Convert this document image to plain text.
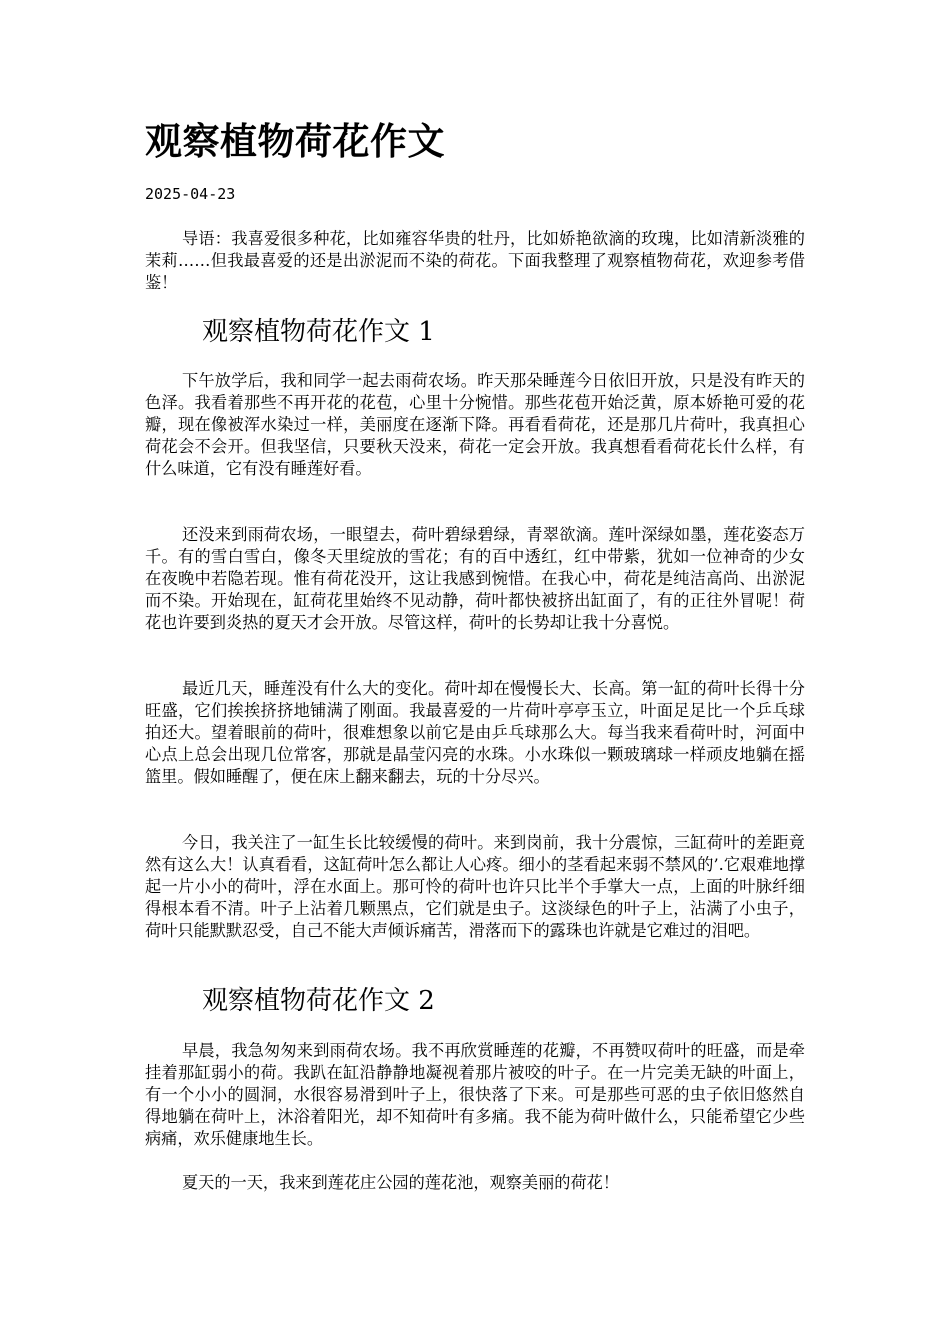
观察植物荷花作文
2025-04-23

导语：我喜爱很多种花，比如雍容华贵的牡丹，比如娇艳欲滴的玫瑰，比如清新淡雅的茉莉……但我最喜爱的还是出淤泥而不染的荷花。下面我整理了观察植物荷花，欢迎参考借鉴！

观察植物荷花作文 1

下午放学后，我和同学一起去雨荷农场。昨天那朵睡莲今日依旧开放，只是没有昨天的色泽。我看着那些不再开花的花苞，心里十分惋惜。那些花苞开始泛黄，原本娇艳可爱的花瓣，现在像被浑水染过一样，美丽度在逐渐下降。再看看荷花，还是那几片荷叶，我真担心荷花会不会开。但我坚信，只要秋天没来，荷花一定会开放。我真想看看荷花长什么样，有什么味道，它有没有睡莲好看。

还没来到雨荷农场，一眼望去，荷叶碧绿碧绿，青翠欲滴。莲叶深绿如墨，莲花姿态万千。有的雪白雪白，像冬天里绽放的雪花；有的百中透红，红中带紫，犹如一位神奇的少女在夜晚中若隐若现。惟有荷花没开，这让我感到惋惜。在我心中，荷花是纯洁高尚、出淤泥而不染。开始现在，缸荷花里始终不见动静，荷叶都快被挤出缸面了，有的正往外冒呢！荷花也许要到炎热的夏天才会开放。尽管这样，荷叶的长势却让我十分喜悦。

最近几天，睡莲没有什么大的变化。荷叶却在慢慢长大、长高。第一缸的荷叶长得十分旺盛，它们挨挨挤挤地铺满了刚面。我最喜爱的一片荷叶亭亭玉立，叶面足足比一个乒乓球拍还大。望着眼前的荷叶，很难想象以前它是由乒乓球那么大。每当我来看荷叶时，河面中心点上总会出现几位常客，那就是晶莹闪亮的水珠。小水珠似一颗玻璃球一样顽皮地躺在摇篮里。假如睡醒了，便在床上翻来翻去，玩的十分尽兴。

今日，我关注了一缸生长比较缓慢的荷叶。来到岗前，我十分震惊，三缸荷叶的差距竟然有这么大！认真看看，这缸荷叶怎么都让人心疼。细小的茎看起来弱不禁风的’.它艰难地撑起一片小小的荷叶，浮在水面上。那可怜的荷叶也许只比半个手掌大一点，上面的叶脉纤细得根本看不清。叶子上沾着几颗黑点，它们就是虫子。这淡绿色的叶子上，沾满了小虫子，荷叶只能默默忍受，自己不能大声倾诉痛苦，滑落而下的露珠也许就是它难过的泪吧。

观察植物荷花作文 2

早晨，我急匆匆来到雨荷农场。我不再欣赏睡莲的花瓣，不再赞叹荷叶的旺盛，而是牵挂着那缸弱小的荷。我趴在缸沿静静地凝视着那片被咬的叶子。在一片完美无缺的叶面上，有一个小小的圆洞，水很容易滑到叶子上，很快落了下来。可是那些可恶的虫子依旧悠然自得地躺在荷叶上，沐浴着阳光，却不知荷叶有多痛。我不能为荷叶做什么，只能希望它少些病痛，欢乐健康地生长。

夏天的一天，我来到莲花庄公园的莲花池，观察美丽的荷花！
